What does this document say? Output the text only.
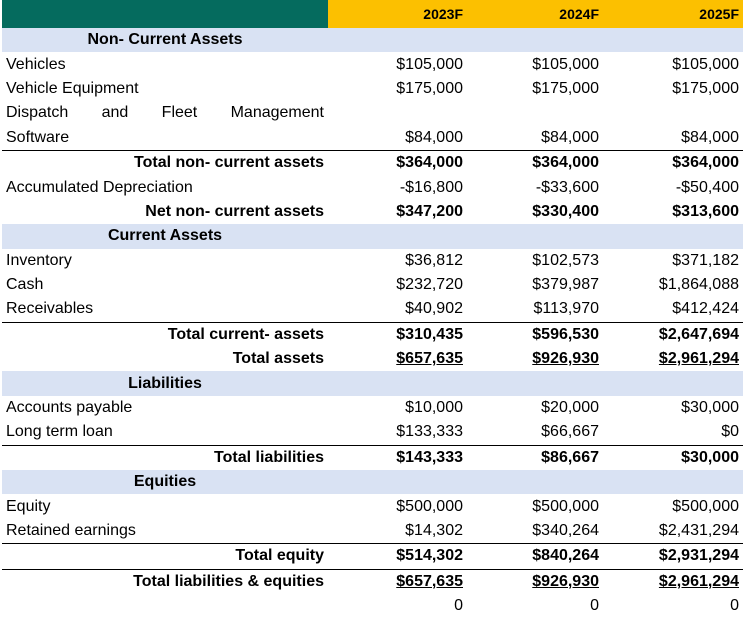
	2023F	2024F	2025F
Non- Current Assets			
Vehicles	$105,000	$105,000	$105,000
Vehicle Equipment	$175,000	$175,000	$175,000
Dispatch and Fleet Management			
Software	$84,000	$84,000	$84,000
Total non- current assets	$364,000	$364,000	$364,000
Accumulated Depreciation	-$16,800	-$33,600	-$50,400
Net non- current assets	$347,200	$330,400	$313,600
Current Assets			
Inventory	$36,812	$102,573	$371,182
Cash	$232,720	$379,987	$1,864,088
Receivables	$40,902	$113,970	$412,424
Total current- assets	$310,435	$596,530	$2,647,694
Total assets	$657,635	$926,930	$2,961,294
Liabilities			
Accounts payable	$10,000	$20,000	$30,000
Long term loan	$133,333	$66,667	$0
Total liabilities	$143,333	$86,667	$30,000
Equities			
Equity	$500,000	$500,000	$500,000
Retained earnings	$14,302	$340,264	$2,431,294
Total equity	$514,302	$840,264	$2,931,294
Total liabilities & equities	$657,635	$926,930	$2,961,294
	0	0	0
